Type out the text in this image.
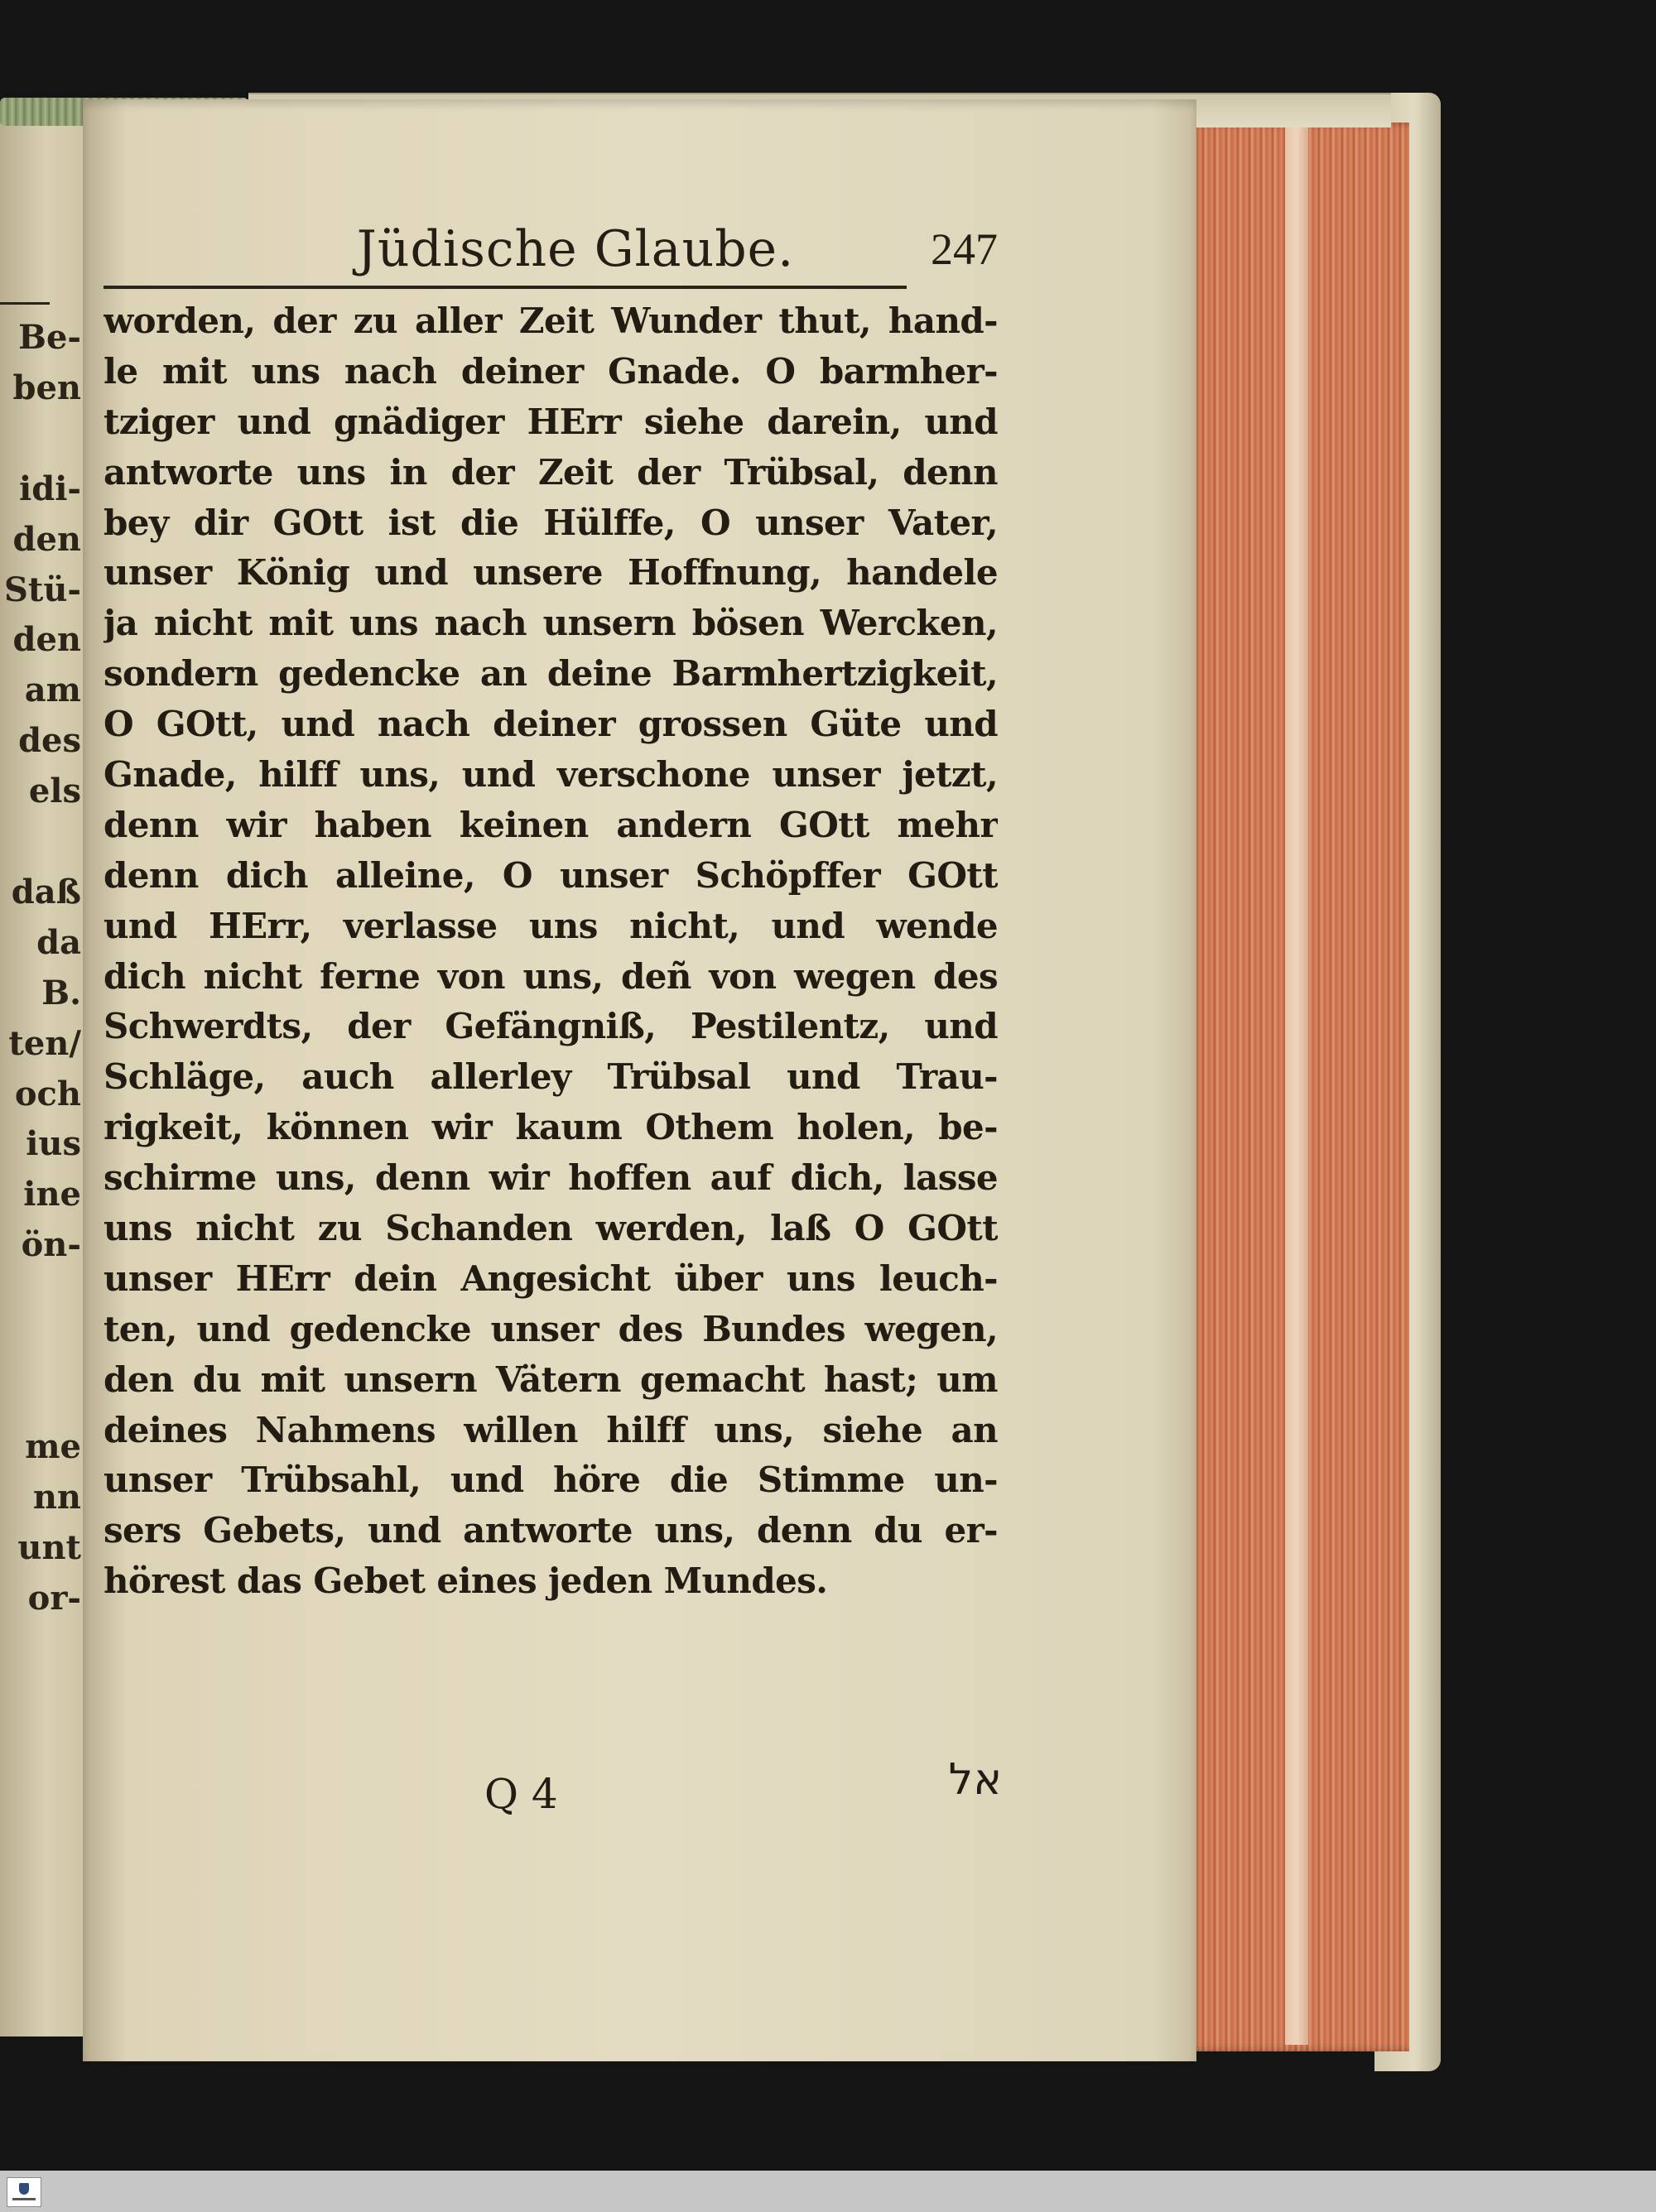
Be-
ben
idi-
den
Stü-
den
am
des
els
daß
da
B.
ten/
och
ius
ine
ön-
me
nn
unt
or-
Jüdische Glaube.	247
worden, der zu aller Zeit Wunder thut, hand-
le mit uns nach deiner Gnade. O barmher-
tziger und gnädiger HErr siehe darein, und
antworte uns in der Zeit der Trübsal, denn
bey dir GOtt ist die Hülffe, O unser Vater,
unser König und unsere Hoffnung, handele
ja nicht mit uns nach unsern bösen Wercken,
sondern gedencke an deine Barmhertzigkeit,
O GOtt, und nach deiner grossen Güte und
Gnade, hilff uns, und verschone unser jetzt,
denn wir haben keinen andern GOtt mehr
denn dich alleine, O unser Schöpffer GOtt
und HErr, verlasse uns nicht, und wende
dich nicht ferne von uns, deñ von wegen des
Schwerdts, der Gefängniß, Pestilentz, und
Schläge, auch allerley Trübsal und Trau-
rigkeit, können wir kaum Othem holen, be-
schirme uns, denn wir hoffen auf dich, lasse
uns nicht zu Schanden werden, laß O GOtt
unser HErr dein Angesicht über uns leuch-
ten, und gedencke unser des Bundes wegen,
den du mit unsern Vätern gemacht hast; um
deines Nahmens willen hilff uns, siehe an
unser Trübsahl, und höre die Stimme un-
sers Gebets, und antworte uns, denn du er-
hörest das Gebet eines jeden Mundes.
Q 4	אל
